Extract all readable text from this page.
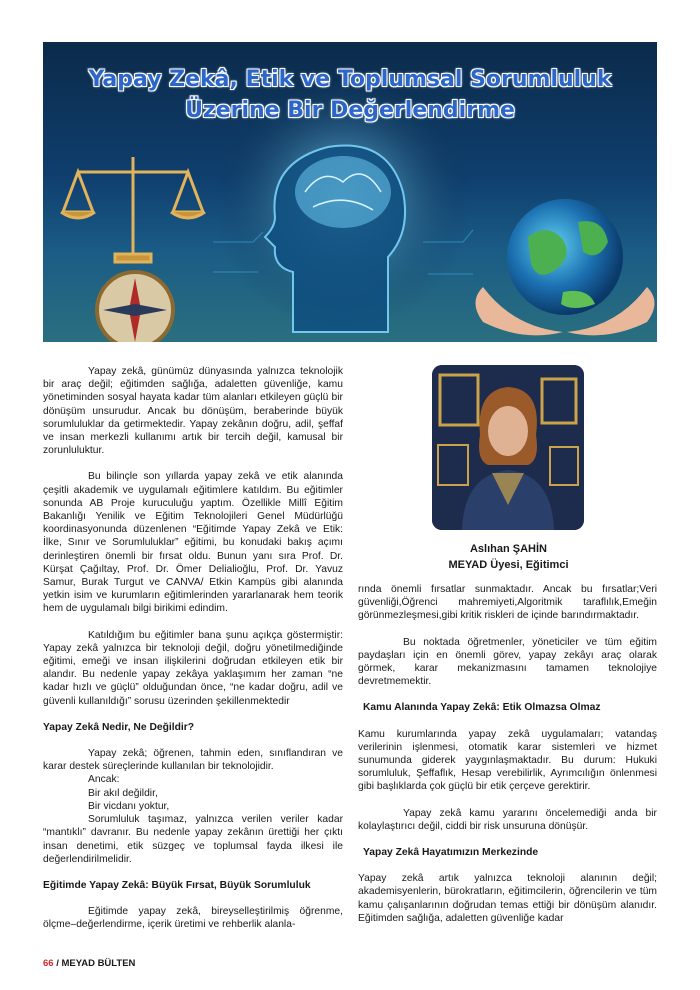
Yapay Zekâ, Etik ve Toplumsal Sorumluluk
Üzerine Bir Değerlendirme

Yapay zekâ, günümüz dünyasında yalnızca teknolojik bir araç değil; eğitimden sağlığa, adaletten güvenliğe, kamu yönetiminden sosyal hayata kadar tüm alanları etkileyen güçlü bir dönüşüm unsurudur. Ancak bu dönüşüm, beraberinde büyük sorumluluklar da getirmektedir. Yapay zekânın doğru, adil, şeffaf ve insan merkezli kullanımı artık bir tercih değil, kamusal bir zorunluluktur.

Bu bilinçle son yıllarda yapay zekâ ve etik alanında çeşitli akademik ve uygulamalı eğitimlere katıldım. Bu eğitimler sonunda AB Proje kuruculuğu yaptım. Özellikle Millî Eğitim Bakanlığı Yenilik ve Eğitim Teknolojileri Genel Müdürlüğü koordinasyonunda düzenlenen “Eğitimde Yapay Zekâ ve Etik: İlke, Sınır ve Sorumluluklar” eğitimi, bu konudaki bakış açımı derinleştiren önemli bir fırsat oldu. Bunun yanı sıra Prof. Dr. Kürşat Çağıltay, Prof. Dr. Ömer Delialioğlu, Prof. Dr. Yavuz Samur, Burak Turgut ve CANVA/ Etkin Kampüs gibi alanında yetkin isim ve kurumların eğitimlerinden yararlanarak hem teorik hem de uygulamalı bilgi birikimi edindim.

Katıldığım bu eğitimler bana şunu açıkça göstermiştir: Yapay zekâ yalnızca bir teknoloji değil, doğru yönetilmediğinde eğitimi, emeği ve insan ilişkilerini doğrudan etkileyen etik bir alandır. Bu nedenle yapay zekâya yaklaşımım her zaman “ne kadar hızlı ve güçlü” olduğundan önce, “ne kadar doğru, adil ve güvenli kullanıldığı” sorusu üzerinden şekillenmektedir

Yapay Zekâ Nedir, Ne Değildir?

Yapay zekâ; öğrenen, tahmin eden, sınıflandıran ve karar destek süreçlerinde kullanılan bir teknolojidir.

Ancak:

Bir akıl değildir,

Bir vicdanı yoktur,

Sorumluluk taşımaz, yalnızca verilen veriler kadar “mantıklı” davranır. Bu nedenle yapay zekânın ürettiği her çıktı insan denetimi, etik süzgeç ve toplumsal fayda ilkesi ile değerlendirilmelidir.

Eğitimde Yapay Zekâ: Büyük Fırsat, Büyük Sorumluluk

Eğitimde yapay zekâ, bireyselleştirilmiş öğrenme, ölçme–değerlendirme, içerik üretimi ve rehberlik alanla-

Aslıhan ŞAHİN
MEYAD Üyesi, Eğitimci

rında önemli fırsatlar sunmaktadır. Ancak bu fırsatlar;Veri güvenliği,Öğrenci mahremiyeti,Algoritmik taraflılık,Emeğin görünmezleşmesi,gibi kritik riskleri de içinde barındırmaktadır.

Bu noktada öğretmenler, yöneticiler ve tüm eğitim paydaşları için en önemli görev, yapay zekâyı araç olarak görmek, karar mekanizmasını tamamen teknolojiye devretmemektir.

Kamu Alanında Yapay Zekâ: Etik Olmazsa Olmaz

Kamu kurumlarında yapay zekâ uygulamaları; vatandaş verilerinin işlenmesi, otomatik karar sistemleri ve hizmet sunumunda giderek yaygınlaşmaktadır. Bu durum: Hukuki sorumluluk, Şeffaflık, Hesap verebilirlik, Ayrımcılığın önlenmesi gibi başlıklarda çok güçlü bir etik çerçeve gerektirir.

Yapay zekâ kamu yararını öncelemediği anda bir kolaylaştırıcı değil, ciddi bir risk unsuruna dönüşür.

Yapay Zekâ Hayatımızın Merkezinde

Yapay zekâ artık yalnızca teknoloji alanının değil; akademisyenlerin, bürokratların, eğitimcilerin, öğrencilerin ve tüm kamu çalışanlarının doğrudan temas ettiği bir dönüşüm alanıdır. Eğitimden sağlığa, adaletten güvenliğe kadar

66 / MEYAD BÜLTEN
